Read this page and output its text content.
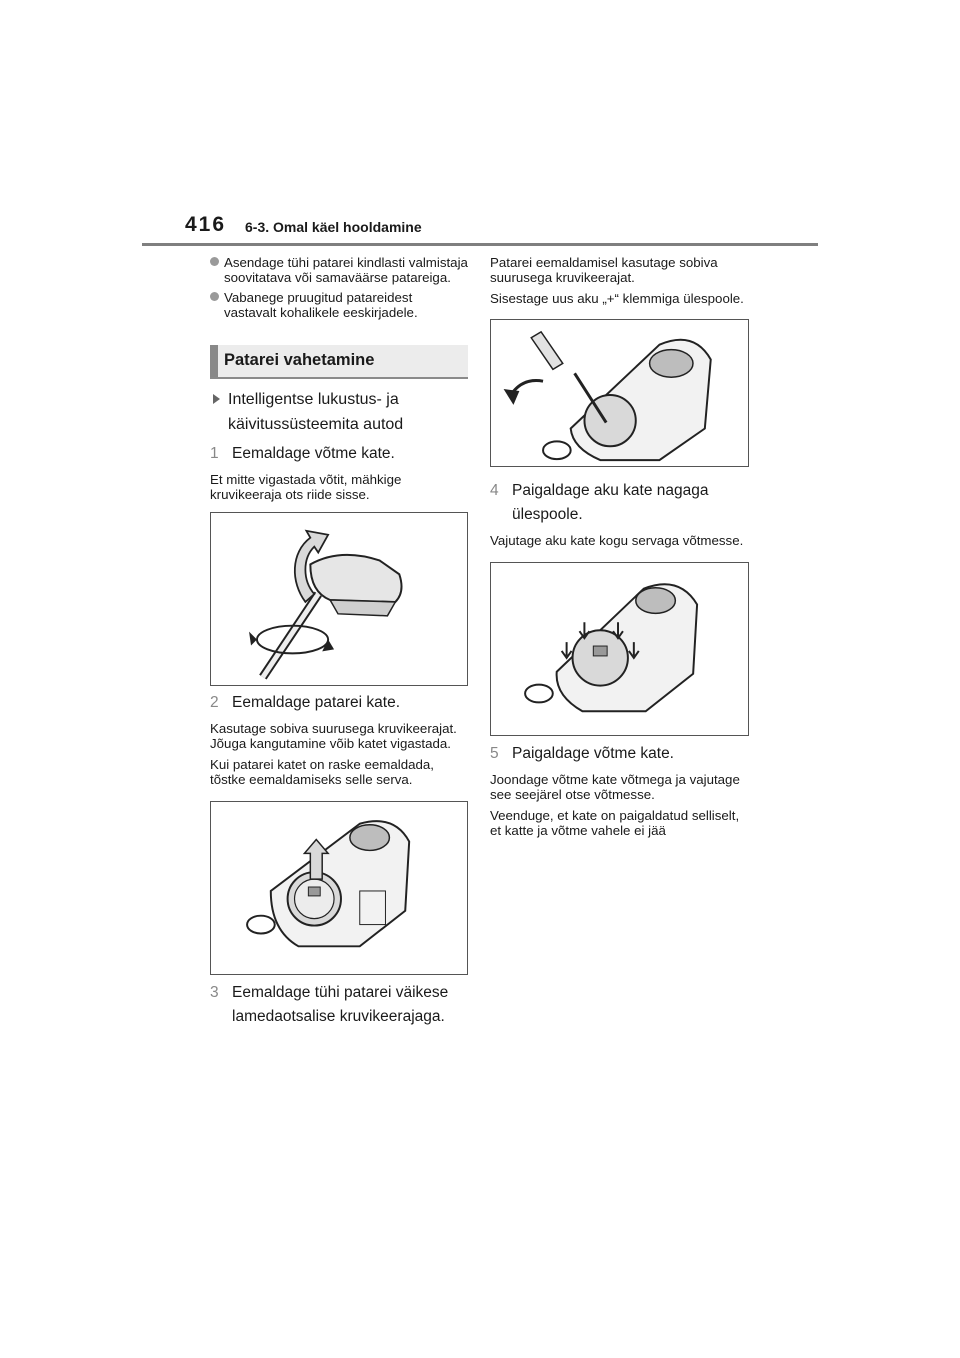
416 6-3. Omal käel hooldamine
Asendage tühi patarei kindlasti valmistaja soovitatava või samaväärse patareiga.
Vabanege pruugitud patareidest vastavalt kohalikele eeskirjadele.
Patarei vahetamine
Intelligentse lukustus- ja käivitussüsteemita autod
1 Eemaldage võtme kate.
Et mitte vigastada võtit, mähkige kruvikeeraja ots riide sisse.
2 Eemaldage patarei kate.
Kasutage sobiva suurusega kruvikeerajat. Jõuga kangutamine võib katet vigastada.
Kui patarei katet on raske eemaldada, tõstke eemaldamiseks selle serva.
3 Eemaldage tühi patarei väikese lamedaotsalise kruvikeerajaga.
Patarei eemaldamisel kasutage sobiva suurusega kruvikeerajat.
Sisestage uus aku „+“ klemmiga ülespoole.
4 Paigaldage aku kate nagaga ülespoole.
Vajutage aku kate kogu servaga võtmesse.
5 Paigaldage võtme kate.
Joondage võtme kate võtmega ja vajutage see seejärel otse võtmesse.
Veenduge, et kate on paigaldatud selliselt, et katte ja võtme vahele ei jää
